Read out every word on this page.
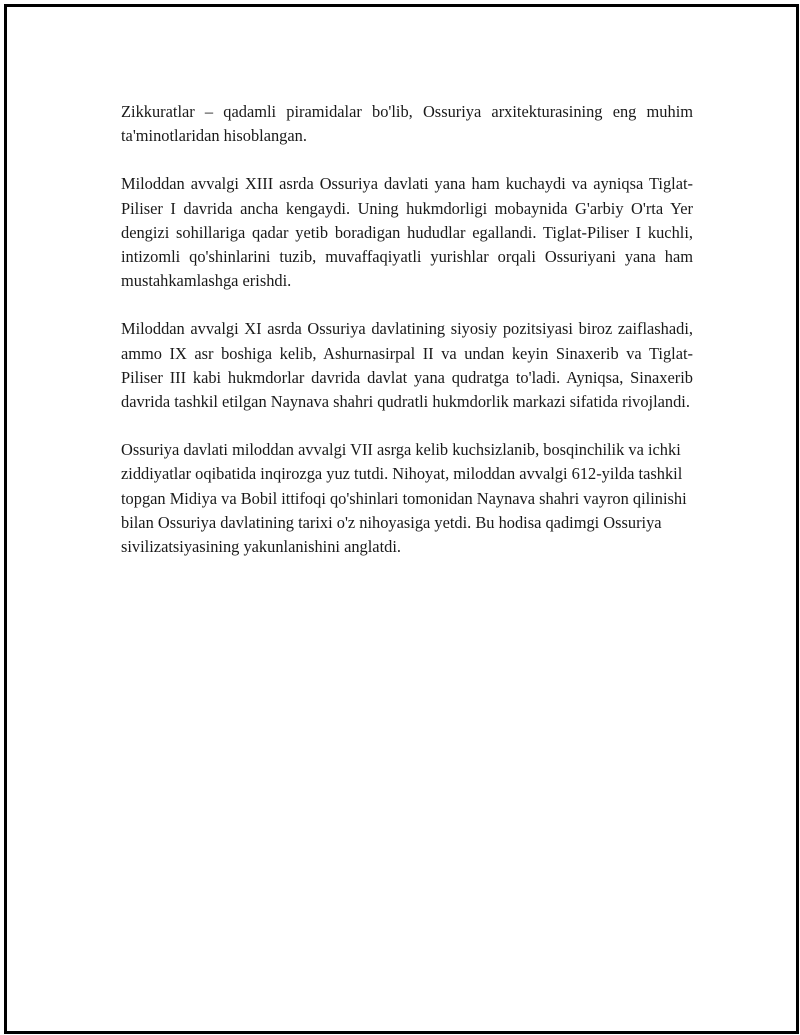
Zikkuratlar – qadamli piramidalar bo'lib, Ossuriya arxitekturasining eng muhim ta'minotlaridan hisoblangan.

Miloddan avvalgi XIII asrda Ossuriya davlati yana ham kuchaydi va ayniqsa Tiglat-Piliser I davrida ancha kengaydi. Uning hukmdorligi mobaynida G'arbiy O'rta Yer dengizi sohillariga qadar yetib boradigan hududlar egallandi. Tiglat-Piliser I kuchli, intizomli qo'shinlarini tuzib, muvaffaqiyatli yurishlar orqali Ossuriyani yana ham mustahkamlashga erishdi.

Miloddan avvalgi XI asrda Ossuriya davlatining siyosiy pozitsiyasi biroz zaiflashadi, ammo IX asr boshiga kelib, Ashurnasirpal II va undan keyin Sinaxerib va Tiglat-Piliser III kabi hukmdorlar davrida davlat yana qudratga to'ladi. Ayniqsa, Sinaxerib davrida tashkil etilgan Naynava shahri qudratli hukmdorlik markazi sifatida rivojlandi.

Ossuriya davlati miloddan avvalgi VII asrga kelib kuchsizlanib, bosqinchilik va ichki ziddiyatlar oqibatida inqirozga yuz tutdi. Nihoyat, miloddan avvalgi 612-yilda tashkil topgan Midiya va Bobil ittifoqi qo'shinlari tomonidan Naynava shahri vayron qilinishi bilan Ossuriya davlatining tarixi o'z nihoyasiga yetdi. Bu hodisa qadimgi Ossuriya sivilizatsiyasining yakunlanishini anglatdi.
